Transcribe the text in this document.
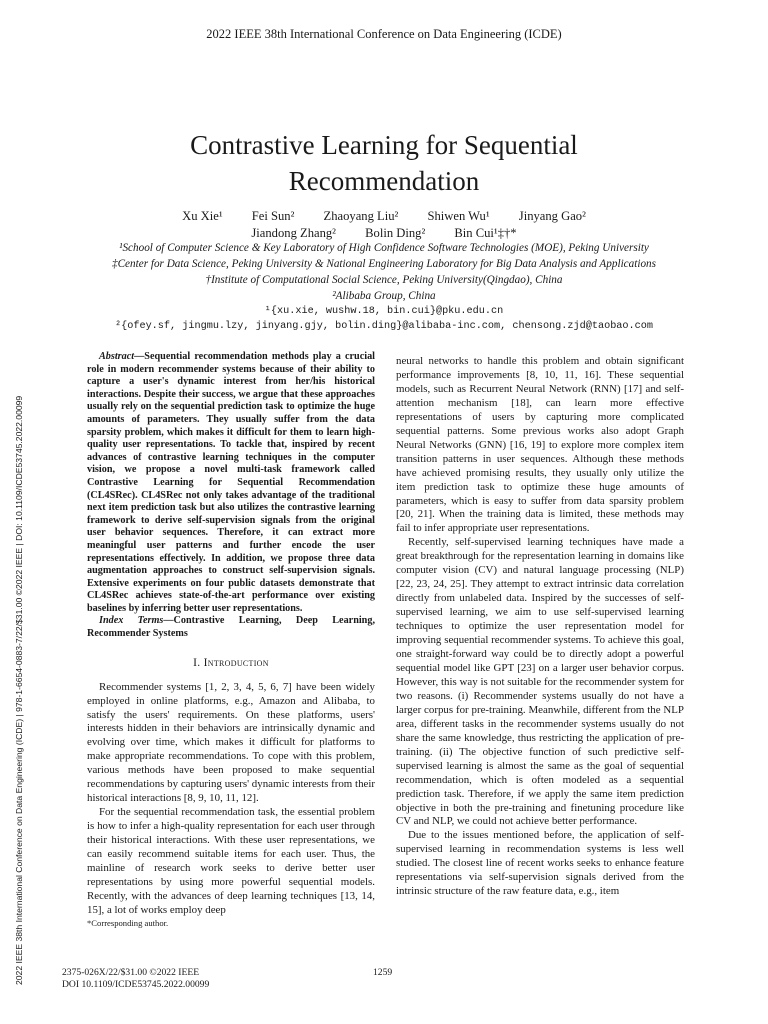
2022 IEEE 38th International Conference on Data Engineering (ICDE)
Contrastive Learning for Sequential
Recommendation
Xu Xie¹ Fei Sun² Zhaoyang Liu² Shiwen Wu¹ Jinyang Gao²
Jiandong Zhang² Bolin Ding² Bin Cui¹‡†*
¹School of Computer Science & Key Laboratory of High Confidence Software Technologies (MOE), Peking University
‡Center for Data Science, Peking University & National Engineering Laboratory for Big Data Analysis and Applications
†Institute of Computational Social Science, Peking University(Qingdao), China
²Alibaba Group, China
¹{xu.xie, wushw.18, bin.cui}@pku.edu.cn
²{ofey.sf, jingmu.lzy, jinyang.gjy, bolin.ding}@alibaba-inc.com, chensong.zjd@taobao.com
2022 IEEE 38th International Conference on Data Engineering (ICDE) | 978-1-6654-0883-7/22/$31.00 ©2022 IEEE | DOI: 10.1109/ICDE53745.2022.00099

Abstract—Sequential recommendation methods play a crucial role in modern recommender systems because of their ability to capture a user's dynamic interest from her/his historical interactions. Despite their success, we argue that these approaches usually rely on the sequential prediction task to optimize the huge amounts of parameters. They usually suffer from the data sparsity problem, which makes it difficult for them to learn high-quality user representations. To tackle that, inspired by recent advances of contrastive learning techniques in the computer vision, we propose a novel multi-task framework called Contrastive Learning for Sequential Recommendation (CL4SRec). CL4SRec not only takes advantage of the traditional next item prediction task but also utilizes the contrastive learning framework to derive self-supervision signals from the original user behavior sequences. Therefore, it can extract more meaningful user patterns and further encode the user representations effectively. In addition, we propose three data augmentation approaches to construct self-supervision signals. Extensive experiments on four public datasets demonstrate that CL4SRec achieves state-of-the-art performance over existing baselines by inferring better user representations.

Index Terms—Contrastive Learning, Deep Learning, Recommender Systems

I. Introduction

Recommender systems [1, 2, 3, 4, 5, 6, 7] have been widely employed in online platforms, e.g., Amazon and Alibaba, to satisfy the users' requirements. On these platforms, users' interests hidden in their behaviors are intrinsically dynamic and evolving over time, which makes it difficult for platforms to make appropriate recommendations. To cope with this problem, various methods have been proposed to make sequential recommendations by capturing users' dynamic interests from their historical interactions [8, 9, 10, 11, 12].

For the sequential recommendation task, the essential problem is how to infer a high-quality representation for each user through their historical interactions. With these user representations, we can easily recommend suitable items for each user. Thus, the mainline of research work seeks to derive better user representations by using more powerful sequential models. Recently, with the advances of deep learning techniques [13, 14, 15], a lot of works employ deep

neural networks to handle this problem and obtain significant performance improvements [8, 10, 11, 16]. These sequential models, such as Recurrent Neural Network (RNN) [17] and self-attention mechanism [18], can learn more effective representations of users by capturing more complicated sequential patterns. Some previous works also adopt Graph Neural Networks (GNN) [16, 19] to explore more complex item transition patterns in user sequences. Although these methods have achieved promising results, they usually only utilize the item prediction task to optimize these huge amounts of parameters, which is easy to suffer from data sparsity problem [20, 21]. When the training data is limited, these methods may fail to infer appropriate user representations.

Recently, self-supervised learning techniques have made a great breakthrough for the representation learning in domains like computer vision (CV) and natural language processing (NLP) [22, 23, 24, 25]. They attempt to extract intrinsic data correlation directly from unlabeled data. Inspired by the successes of self-supervised learning, we aim to use self-supervised learning techniques to optimize the user representation model for improving sequential recommender systems. To achieve this goal, one straight-forward way could be to directly adopt a powerful sequential model like GPT [23] on a larger user behavior corpus. However, this way is not suitable for the recommender system for two reasons. (i) Recommender systems usually do not have a larger corpus for pre-training. Meanwhile, different from the NLP area, different tasks in the recommender systems usually do not share the same knowledge, thus restricting the application of pre-training. (ii) The objective function of such predictive self-supervised learning is almost the same as the goal of sequential recommendation, which is often modeled as a sequential prediction task. Therefore, if we apply the same item prediction objective in both the pre-training and finetuning procedure like CV and NLP, we could not achieve better performance.

Due to the issues mentioned before, the application of self-supervised learning in recommendation systems is less well studied. The closest line of recent works seeks to enhance feature representations via self-supervision signals derived from the intrinsic structure of the raw feature data, e.g., item

*Corresponding author.
2375-026X/22/$31.00 ©2022 IEEE
DOI 10.1109/ICDE53745.2022.00099
1259
